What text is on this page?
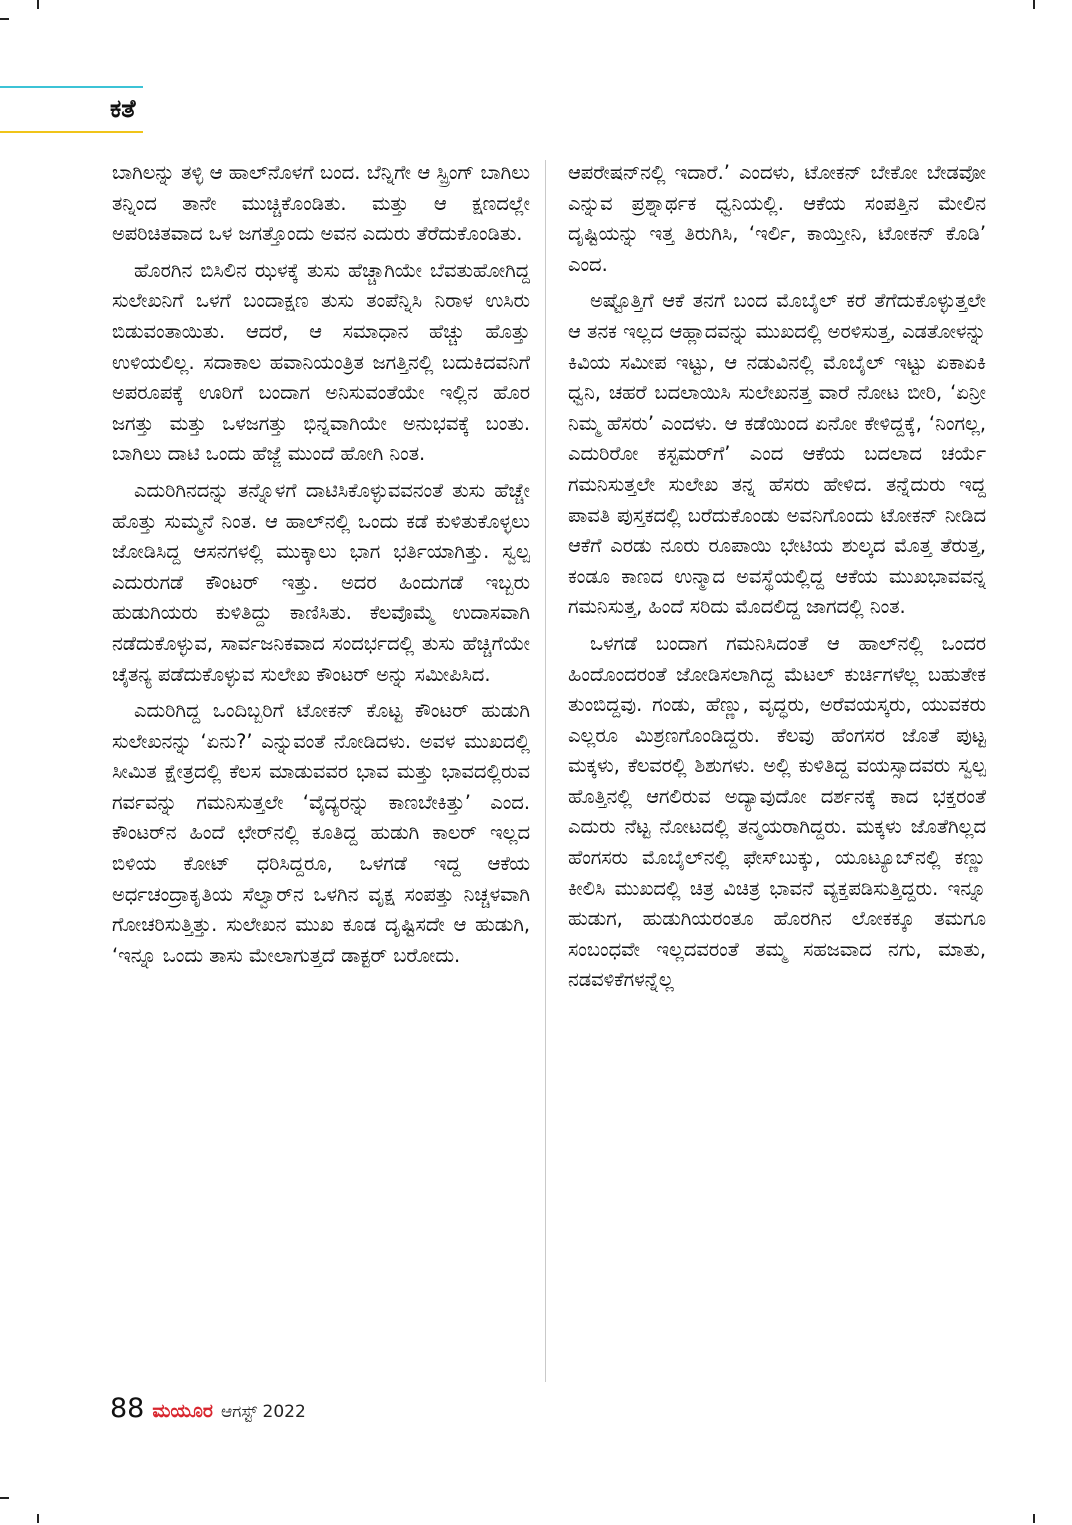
ಕತೆ

ಬಾಗಿಲನ್ನು ತಳ್ಳಿ ಆ ಹಾಲ್‌ನೊಳಗೆ ಬಂದ. ಬೆನ್ನಿಗೇ ಆ ಸ್ಪ್ರಿಂಗ್ ಬಾಗಿಲು ತನ್ನಿಂದ ತಾನೇ ಮುಚ್ಚಿಕೊಂಡಿತು. ಮತ್ತು ಆ ಕ್ಷಣದಲ್ಲೇ ಅಪರಿಚಿತವಾದ ಒಳ ಜಗತ್ತೊಂದು ಅವನ ಎದುರು ತೆರೆದುಕೊಂಡಿತು.

ಹೊರಗಿನ ಬಿಸಿಲಿನ ಝಳಕ್ಕೆ ತುಸು ಹೆಚ್ಚಾಗಿಯೇ ಬೆವತುಹೋಗಿದ್ದ ಸುಲೇಖನಿಗೆ ಒಳಗೆ ಬಂದಾಕ್ಷಣ ತುಸು ತಂಪೆನ್ನಿಸಿ ನಿರಾಳ ಉಸಿರು ಬಿಡುವಂತಾಯಿತು. ಆದರೆ, ಆ ಸಮಾಧಾನ ಹೆಚ್ಚು ಹೊತ್ತು ಉಳಿಯಲಿಲ್ಲ. ಸದಾಕಾಲ ಹವಾನಿಯಂತ್ರಿತ ಜಗತ್ತಿನಲ್ಲಿ ಬದುಕಿದವನಿಗೆ ಅಪರೂಪಕ್ಕೆ ಊರಿಗೆ ಬಂದಾಗ ಅನಿಸುವಂತೆಯೇ ಇಲ್ಲಿನ ಹೊರ ಜಗತ್ತು ಮತ್ತು ಒಳಜಗತ್ತು ಭಿನ್ನವಾಗಿಯೇ ಅನುಭವಕ್ಕೆ ಬಂತು. ಬಾಗಿಲು ದಾಟಿ ಒಂದು ಹೆಜ್ಜೆ ಮುಂದೆ ಹೋಗಿ ನಿಂತ.

ಎದುರಿಗಿನದನ್ನು ತನ್ನೊಳಗೆ ದಾಟಿಸಿಕೊಳ್ಳುವವನಂತೆ ತುಸು ಹೆಚ್ಚೇ ಹೊತ್ತು ಸುಮ್ಮನೆ ನಿಂತ. ಆ ಹಾಲ್‌ನಲ್ಲಿ ಒಂದು ಕಡೆ ಕುಳಿತುಕೊಳ್ಳಲು ಜೋಡಿಸಿದ್ದ ಆಸನಗಳಲ್ಲಿ ಮುಕ್ಕಾಲು ಭಾಗ ಭರ್ತಿಯಾಗಿತ್ತು. ಸ್ವಲ್ಪ ಎದುರುಗಡೆ ಕೌಂಟರ್ ಇತ್ತು. ಅದರ ಹಿಂದುಗಡೆ ಇಬ್ಬರು ಹುಡುಗಿಯರು ಕುಳಿತಿದ್ದು ಕಾಣಿಸಿತು. ಕೆಲವೊಮ್ಮೆ ಉದಾಸವಾಗಿ ನಡೆದುಕೊಳ್ಳುವ, ಸಾರ್ವಜನಿಕವಾದ ಸಂದರ್ಭದಲ್ಲಿ ತುಸು ಹೆಚ್ಚಿಗೆಯೇ ಚೈತನ್ಯ ಪಡೆದುಕೊಳ್ಳುವ ಸುಲೇಖ ಕೌಂಟರ್ ಅನ್ನು ಸಮೀಪಿಸಿದ.

ಎದುರಿಗಿದ್ದ ಒಂದಿಬ್ಬರಿಗೆ ಟೋಕನ್ ಕೊಟ್ಟ ಕೌಂಟರ್ ಹುಡುಗಿ ಸುಲೇಖನನ್ನು ‘ಏನು?’ ಎನ್ನುವಂತೆ ನೋಡಿದಳು. ಅವಳ ಮುಖದಲ್ಲಿ ಸೀಮಿತ ಕ್ಷೇತ್ರದಲ್ಲಿ ಕೆಲಸ ಮಾಡುವವರ ಭಾವ ಮತ್ತು ಭಾವದಲ್ಲಿರುವ ಗರ್ವವನ್ನು ಗಮನಿಸುತ್ತಲೇ ‘ವೈದ್ಯರನ್ನು ಕಾಣಬೇಕಿತ್ತು’ ಎಂದ. ಕೌಂಟರ್‌ನ ಹಿಂದೆ ಛೇರ್‌ನಲ್ಲಿ ಕೂತಿದ್ದ ಹುಡುಗಿ ಕಾಲರ್ ಇಲ್ಲದ ಬಿಳಿಯ ಕೋಟ್ ಧರಿಸಿದ್ದರೂ, ಒಳಗಡೆ ಇದ್ದ ಆಕೆಯ ಅರ್ಧಚಂದ್ರಾಕೃತಿಯ ಸೆಲ್ವಾರ್‌ನ ಒಳಗಿನ ವೃಕ್ಷ ಸಂಪತ್ತು ನಿಚ್ಚಳವಾಗಿ ಗೋಚರಿಸುತ್ತಿತ್ತು. ಸುಲೇಖನ ಮುಖ ಕೂಡ ದೃಷ್ಟಿಸದೇ ಆ ಹುಡುಗಿ, ‘ಇನ್ನೂ ಒಂದು ತಾಸು ಮೇಲಾಗುತ್ತದೆ ಡಾಕ್ಟರ್ ಬರೋದು.

ಆಪರೇಷನ್‌ನಲ್ಲಿ ಇದಾರೆ.’ ಎಂದಳು, ಟೋಕನ್ ಬೇಕೋ ಬೇಡವೋ ಎನ್ನುವ ಪ್ರಶ್ನಾರ್ಥಕ ಧ್ವನಿಯಲ್ಲಿ. ಆಕೆಯ ಸಂಪತ್ತಿನ ಮೇಲಿನ ದೃಷ್ಟಿಯನ್ನು ಇತ್ತ ತಿರುಗಿಸಿ, ‘ಇರ್ಲಿ, ಕಾಯ್ತೀನಿ, ಟೋಕನ್ ಕೊಡಿ’ ಎಂದ.

ಅಷ್ಟೊತ್ತಿಗೆ ಆಕೆ ತನಗೆ ಬಂದ ಮೊಬೈಲ್ ಕರೆ ತೆಗೆದುಕೊಳ್ಳುತ್ತಲೇ ಆ ತನಕ ಇಲ್ಲದ ಆಹ್ಲಾದವನ್ನು ಮುಖದಲ್ಲಿ ಅರಳಿಸುತ್ತ, ಎಡತೋಳನ್ನು ಕಿವಿಯ ಸಮೀಪ ಇಟ್ಟು, ಆ ನಡುವಿನಲ್ಲಿ ಮೊಬೈಲ್ ಇಟ್ಟು ಏಕಾಏಕಿ ಧ್ವನಿ, ಚಹರೆ ಬದಲಾಯಿಸಿ ಸುಲೇಖನತ್ತ ವಾರೆ ನೋಟ ಬೀರಿ, ‘ಏನ್ರೀ ನಿಮ್ಮ ಹೆಸರು’ ಎಂದಳು. ಆ ಕಡೆಯಿಂದ ಏನೋ ಕೇಳಿದ್ದಕ್ಕೆ, ‘ನಿಂಗಲ್ಲ, ಎದುರಿರೋ ಕಸ್ಟಮರ್‌ಗೆ’ ಎಂದ ಆಕೆಯ ಬದಲಾದ ಚರ್ಯೆ ಗಮನಿಸುತ್ತಲೇ ಸುಲೇಖ ತನ್ನ ಹೆಸರು ಹೇಳಿದ. ತನ್ನೆದುರು ಇದ್ದ ಪಾವತಿ ಪುಸ್ತಕದಲ್ಲಿ ಬರೆದುಕೊಂಡು ಅವನಿಗೊಂದು ಟೋಕನ್ ನೀಡಿದ ಆಕೆಗೆ ಎರಡು ನೂರು ರೂಪಾಯಿ ಭೇಟಿಯ ಶುಲ್ಕದ ಮೊತ್ತ ತೆರುತ್ತ, ಕಂಡೂ ಕಾಣದ ಉನ್ಮಾದ ಅವಸ್ಥೆಯಲ್ಲಿದ್ದ ಆಕೆಯ ಮುಖಭಾವವನ್ನ ಗಮನಿಸುತ್ತ, ಹಿಂದೆ ಸರಿದು ಮೊದಲಿದ್ದ ಜಾಗದಲ್ಲಿ ನಿಂತ.

ಒಳಗಡೆ ಬಂದಾಗ ಗಮನಿಸಿದಂತೆ ಆ ಹಾಲ್‌ನಲ್ಲಿ ಒಂದರ ಹಿಂದೊಂದರಂತೆ ಜೋಡಿಸಲಾಗಿದ್ದ ಮೆಟಲ್ ಕುರ್ಚಿಗಳೆಲ್ಲ ಬಹುತೇಕ ತುಂಬಿದ್ದವು. ಗಂಡು, ಹೆಣ್ಣು, ವೃದ್ಧರು, ಅರೆವಯಸ್ಕರು, ಯುವಕರು ಎಲ್ಲರೂ ಮಿಶ್ರಣಗೊಂಡಿದ್ದರು. ಕೆಲವು ಹೆಂಗಸರ ಜೊತೆ ಪುಟ್ಟ ಮಕ್ಕಳು, ಕೆಲವರಲ್ಲಿ ಶಿಶುಗಳು. ಅಲ್ಲಿ ಕುಳಿತಿದ್ದ ವಯಸ್ಸಾದವರು ಸ್ವಲ್ಪ ಹೊತ್ತಿನಲ್ಲಿ ಆಗಲಿರುವ ಅದ್ಯಾವುದೋ ದರ್ಶನಕ್ಕೆ ಕಾದ ಭಕ್ತರಂತೆ ಎದುರು ನೆಟ್ಟ ನೋಟದಲ್ಲಿ ತನ್ಮಯರಾಗಿದ್ದರು. ಮಕ್ಕಳು ಜೊತೆಗಿಲ್ಲದ ಹೆಂಗಸರು ಮೊಬೈಲ್‌ನಲ್ಲಿ ಫೇಸ್‌ಬುಕ್ಕು, ಯೂಟ್ಯೂಬ್‌ನಲ್ಲಿ ಕಣ್ಣು ಕೀಲಿಸಿ ಮುಖದಲ್ಲಿ ಚಿತ್ರ ವಿಚಿತ್ರ ಭಾವನೆ ವ್ಯಕ್ತಪಡಿಸುತ್ತಿದ್ದರು. ಇನ್ನೂ ಹುಡುಗ, ಹುಡುಗಿಯರಂತೂ ಹೊರಗಿನ ಲೋಕಕ್ಕೂ ತಮಗೂ ಸಂಬಂಧವೇ ಇಲ್ಲದವರಂತೆ ತಮ್ಮ ಸಹಜವಾದ ನಗು, ಮಾತು, ನಡವಳಿಕೆಗಳನ್ನೆಲ್ಲ

88 ಮಯೂರ ಆಗಸ್ಟ್ 2022
